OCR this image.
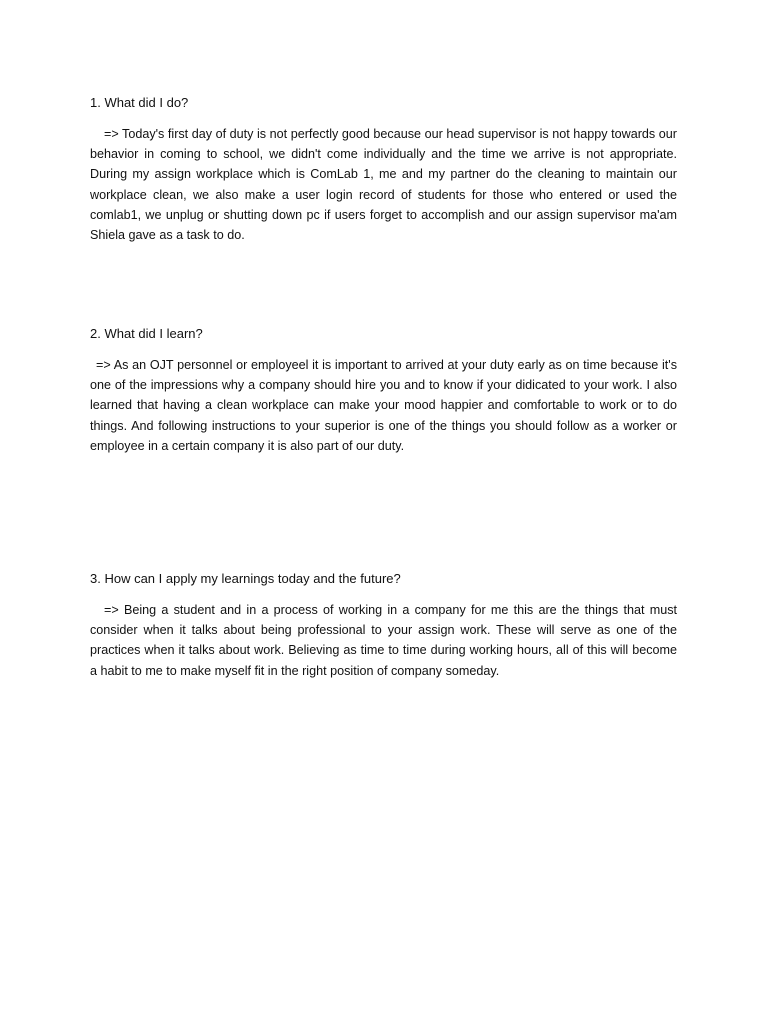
1. What did I do?

=> Today's first day of duty is not perfectly good because our head supervisor is not happy towards our behavior in coming to school, we didn't come individually and the time we arrive is not appropriate. During my assign workplace which is ComLab 1, me and my partner do the cleaning to maintain our workplace clean, we also make a user login record of students for those who entered or used the comlab1, we unplug or shutting down pc if users forget to accomplish and our assign supervisor ma'am Shiela gave as a task to do.

2. What did I learn?

=> As an OJT personnel or employeel it is important to arrived at your duty early as on time because it's one of the impressions why a company should hire you and to know if your didicated to your work. I also learned that having a clean workplace can make your mood happier and comfortable to work or to do things. And following instructions to your superior is one of the things you should follow as a worker or employee in a certain company it is also part of our duty.

3. How can I apply my learnings today and the future?

=> Being a student and in a process of working in a company for me this are the things that must consider when it talks about being professional to your assign work. These will serve as one of the practices when it talks about work. Believing as time to time during working hours, all of this will become a habit to me to make myself fit in the right position of company someday.
